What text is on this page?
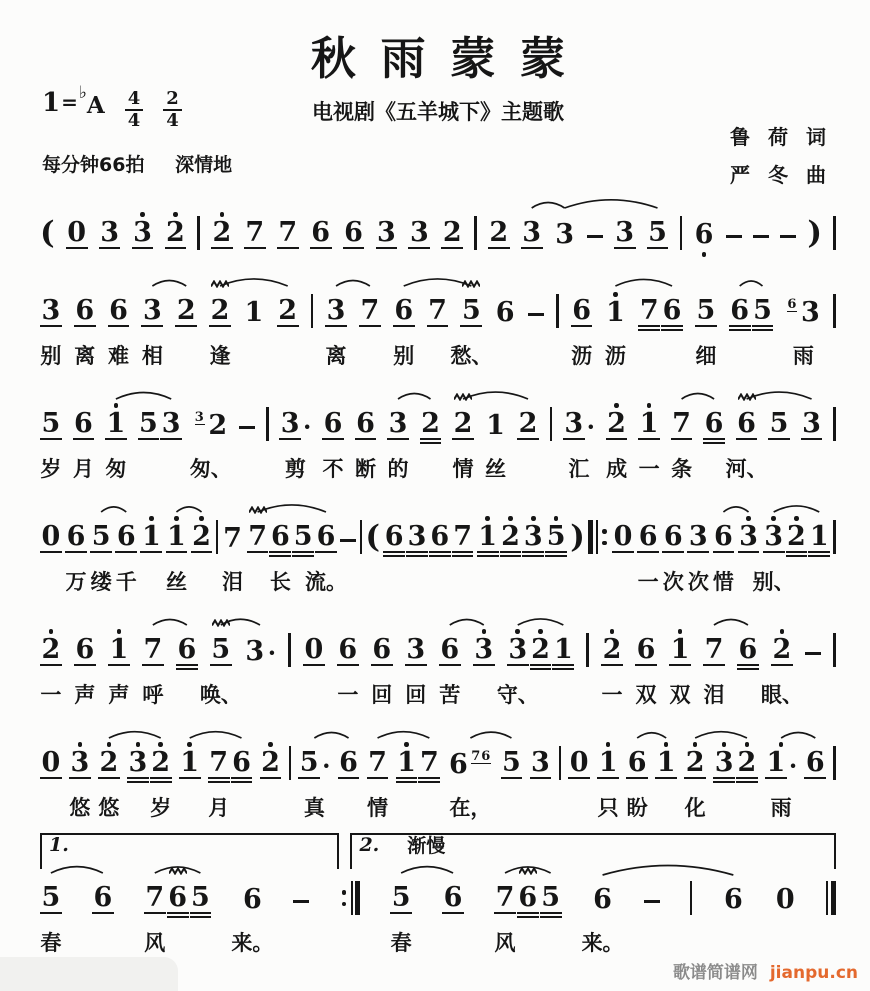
秋雨蒙蒙
电视剧《五羊城下》主题歌
1 = ♭ A $\frac{4}{4} \frac{2}{4}$
鲁荷词
严冬曲
每分钟66拍 深情地
( 0 3 3 2 2 7 7 6 6 3 3 2 2 3 3 3 5 6	)
3 6 6 3 2 2 1 2 3 7 6 7 5 6 6 1 7 6 5 6 5 6 3
别 离 难 相 逢	离 别 愁、	沥 沥	细	雨
5 6 1 5 3 3 2 3 · 6 6 3 2 2 1 2 3 · 2 1 7 6 6 5 3
岁 月 匆	匆、	剪 不 断 的 情 丝	汇 成 一 条 河、
0 6 5 6 1 1 2 7 7 6 5 6 ( 6 3 6 7 1 2 3 5 ) 0 6 6 3 6 3 3 2 1
万 缕 千 丝 泪 长 流。	一 次 次 惜 别、
2 6 1 7 6 5 3 · 0 6 6 3 6 3 3 2 1 2 6 1 7 6 2
一 声 声 呼 唤、	一 回 回 苦 守、	一 双 双 泪 眼、
0 3 2 3 2 1 7 6 2 5 · 6 7 1 7 6 76 5 3 0 1 6 1 2 3 2 1 · 6
悠 悠 岁 月	真 情	在，	只 盼 化	雨
1.	2. 渐慢
5 6 7 6 5 6	5 6 7 6 5 6	6 0
春	风	来。	春	风	来。
歌谱简谱网 jianpu.cn
